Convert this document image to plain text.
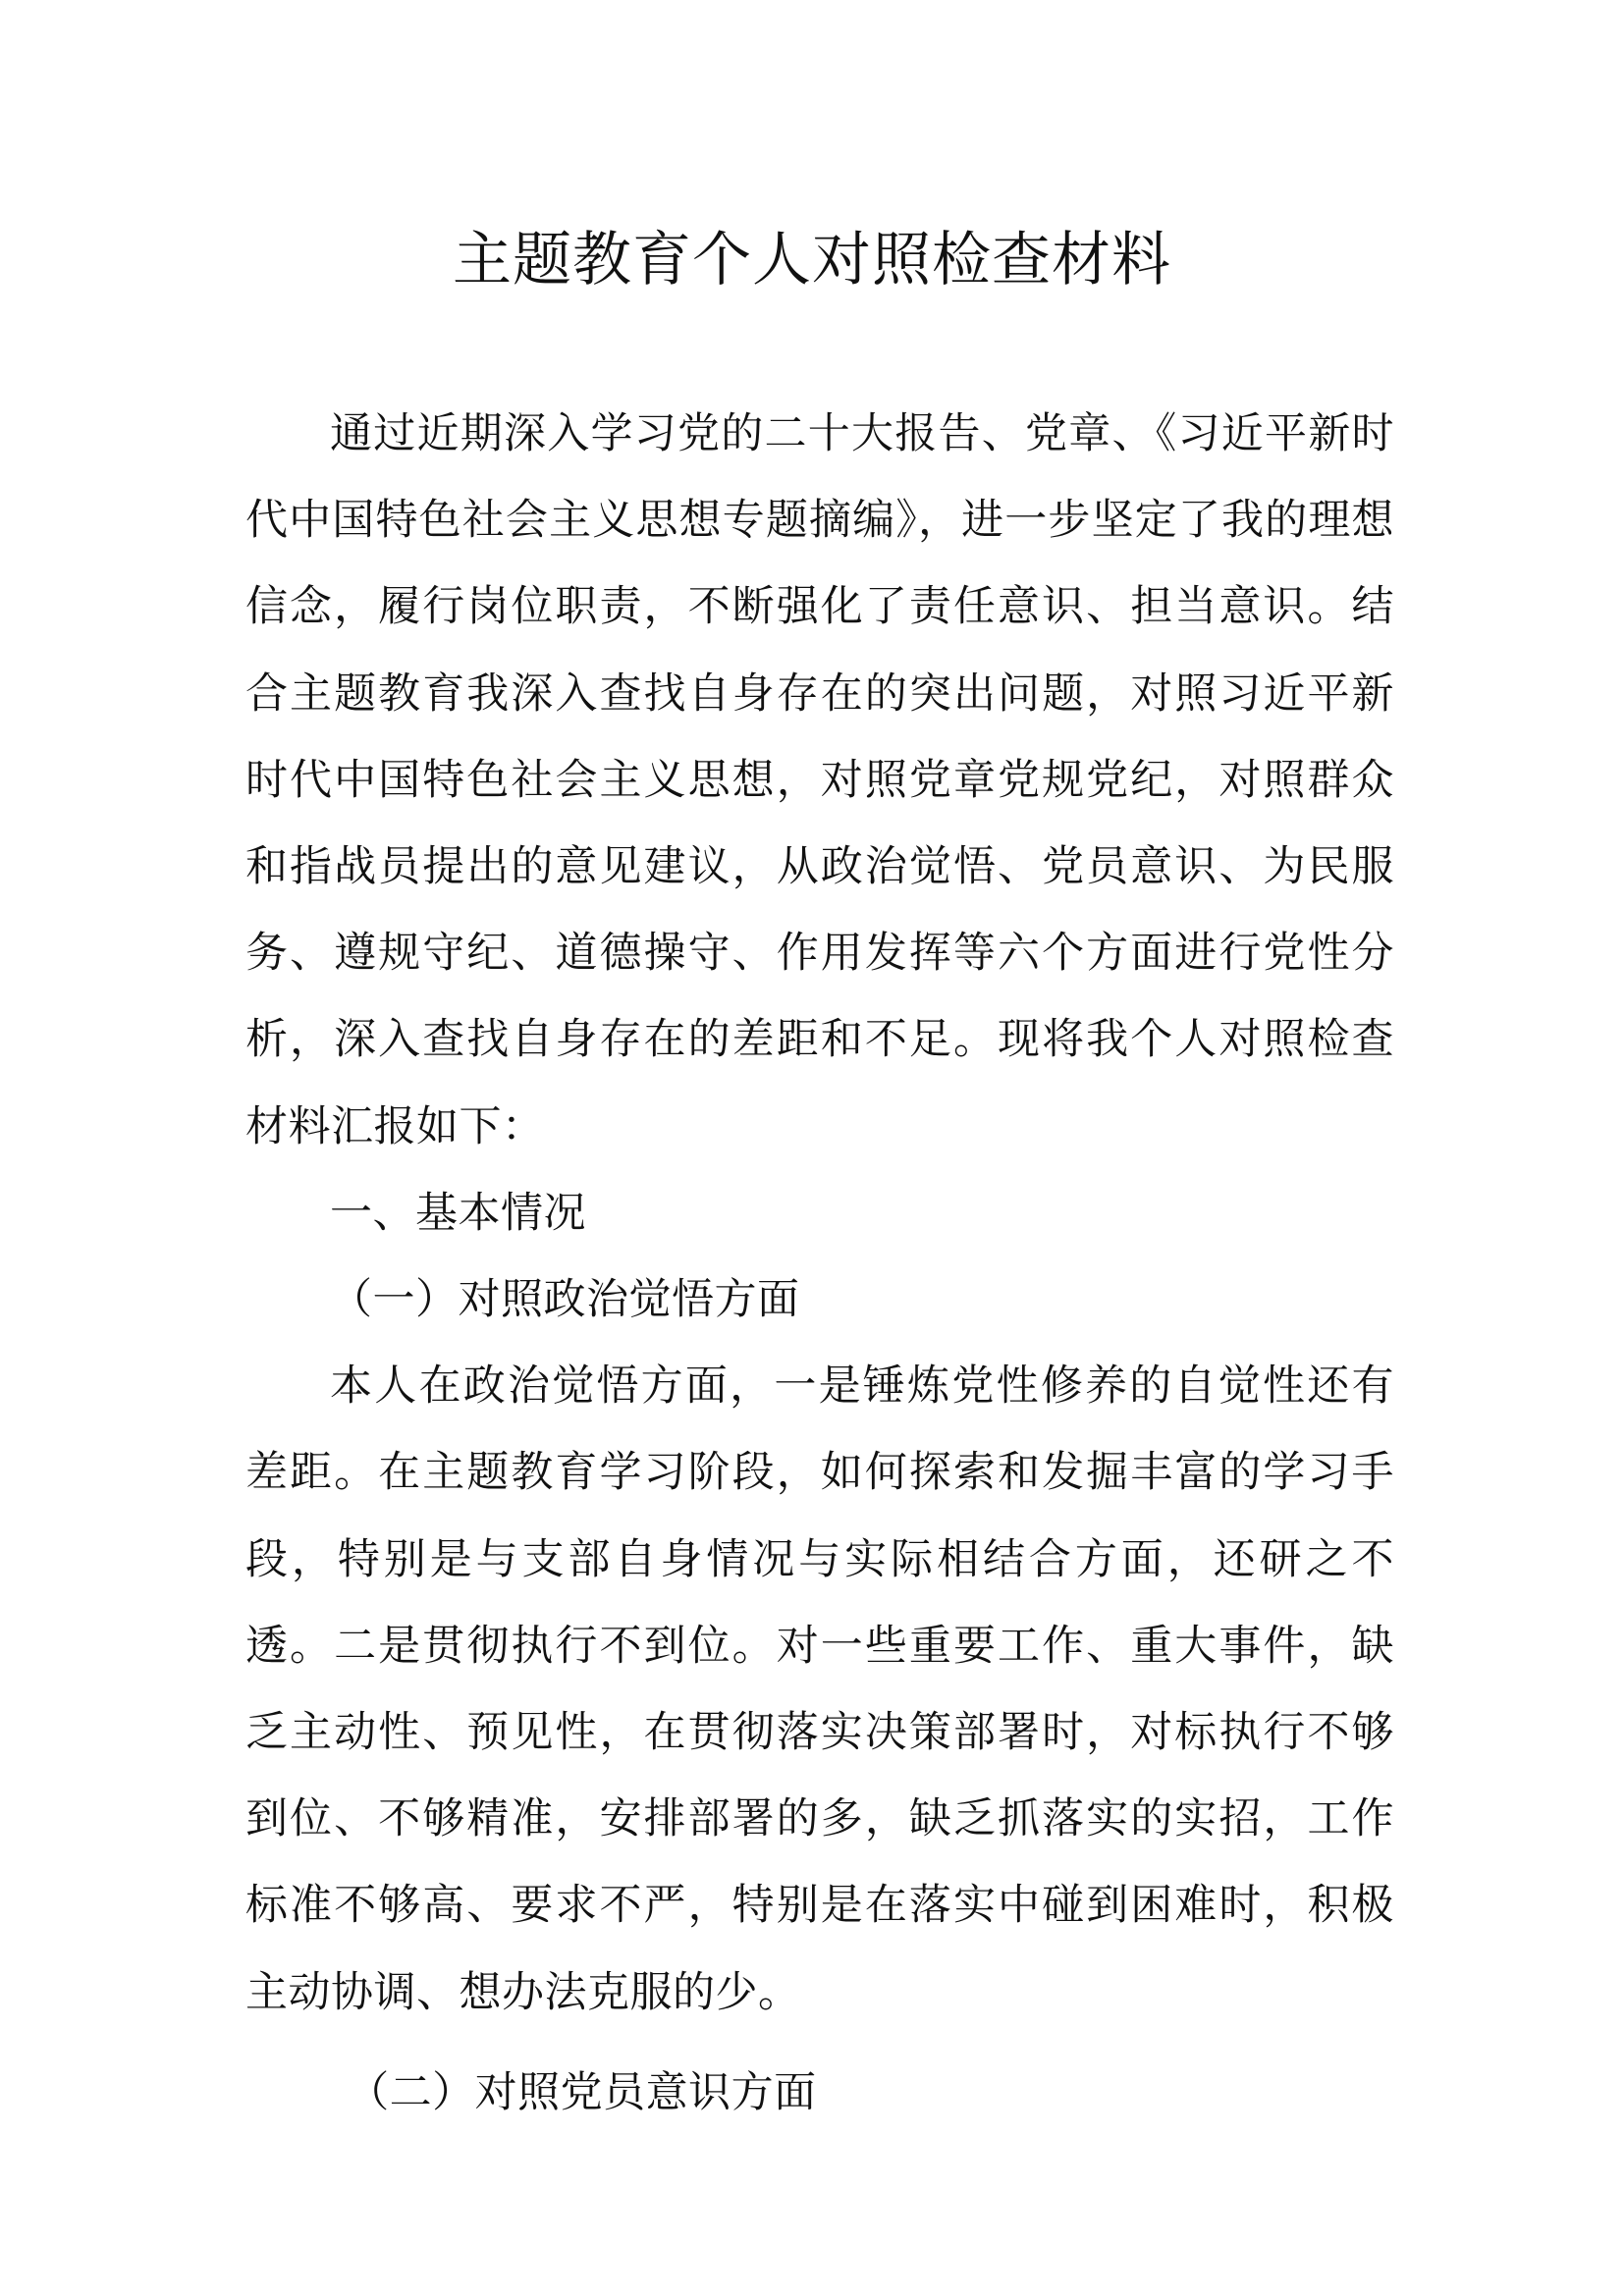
主题教育个人对照检查材料

通过近期深入学习党的二十大报告、党章、《习近平新时代中国特色社会主义思想专题摘编》，进一步坚定了我的理想信念，履行岗位职责，不断强化了责任意识、担当意识。结合主题教育我深入查找自身存在的突出问题，对照习近平新时代中国特色社会主义思想，对照党章党规党纪，对照群众和指战员提出的意见建议，从政治觉悟、党员意识、为民服务、遵规守纪、道德操守、作用发挥等六个方面进行党性分析，深入查找自身存在的差距和不足。现将我个人对照检查材料汇报如下：

一、基本情况

（一）对照政治觉悟方面

本人在政治觉悟方面，一是锤炼党性修养的自觉性还有差距。在主题教育学习阶段，如何探索和发掘丰富的学习手段，特别是与支部自身情况与实际相结合方面，还研之不透。二是贯彻执行不到位。对一些重要工作、重大事件，缺乏主动性、预见性，在贯彻落实决策部署时，对标执行不够到位、不够精准，安排部署的多，缺乏抓落实的实招，工作标准不够高、要求不严，特别是在落实中碰到困难时，积极主动协调、想办法克服的少。

（二）对照党员意识方面
